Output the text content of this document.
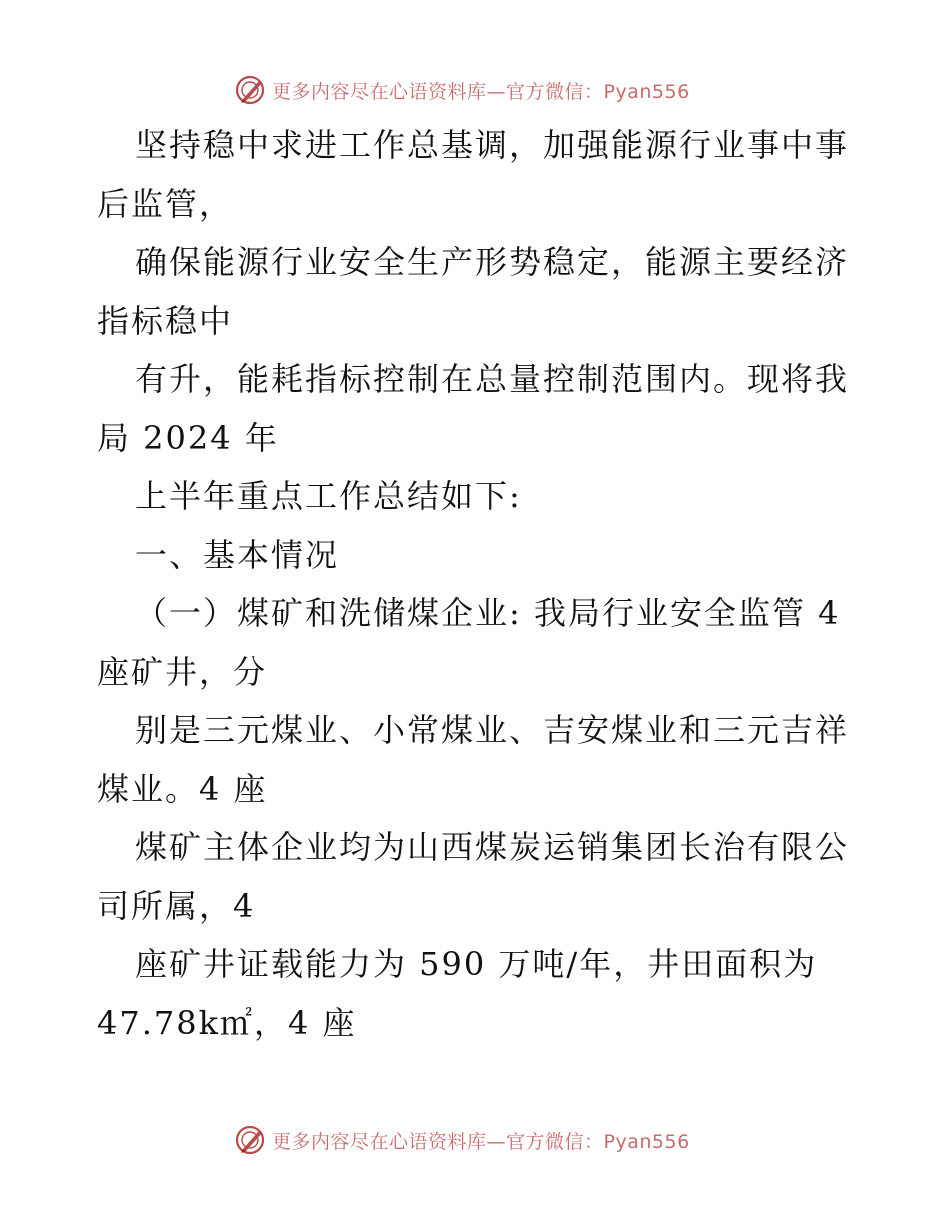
更多内容尽在心语资料库—官方微信：Pyan556
坚持稳中求进工作总基调，加强能源行业事中事
后监管，
确保能源行业安全生产形势稳定，能源主要经济
指标稳中
有升，能耗指标控制在总量控制范围内。现将我
局 2024 年
上半年重点工作总结如下:
一、基本情况
（一）煤矿和洗储煤企业: 我局行业安全监管 4
座矿井，分
别是三元煤业、小常煤业、吉安煤业和三元吉祥
煤业。4 座
煤矿主体企业均为山西煤炭运销集团长治有限公
司所属，4
座矿井证载能力为 590 万吨/年，井田面积为
47.78k㎡，4 座
更多内容尽在心语资料库—官方微信：Pyan556
